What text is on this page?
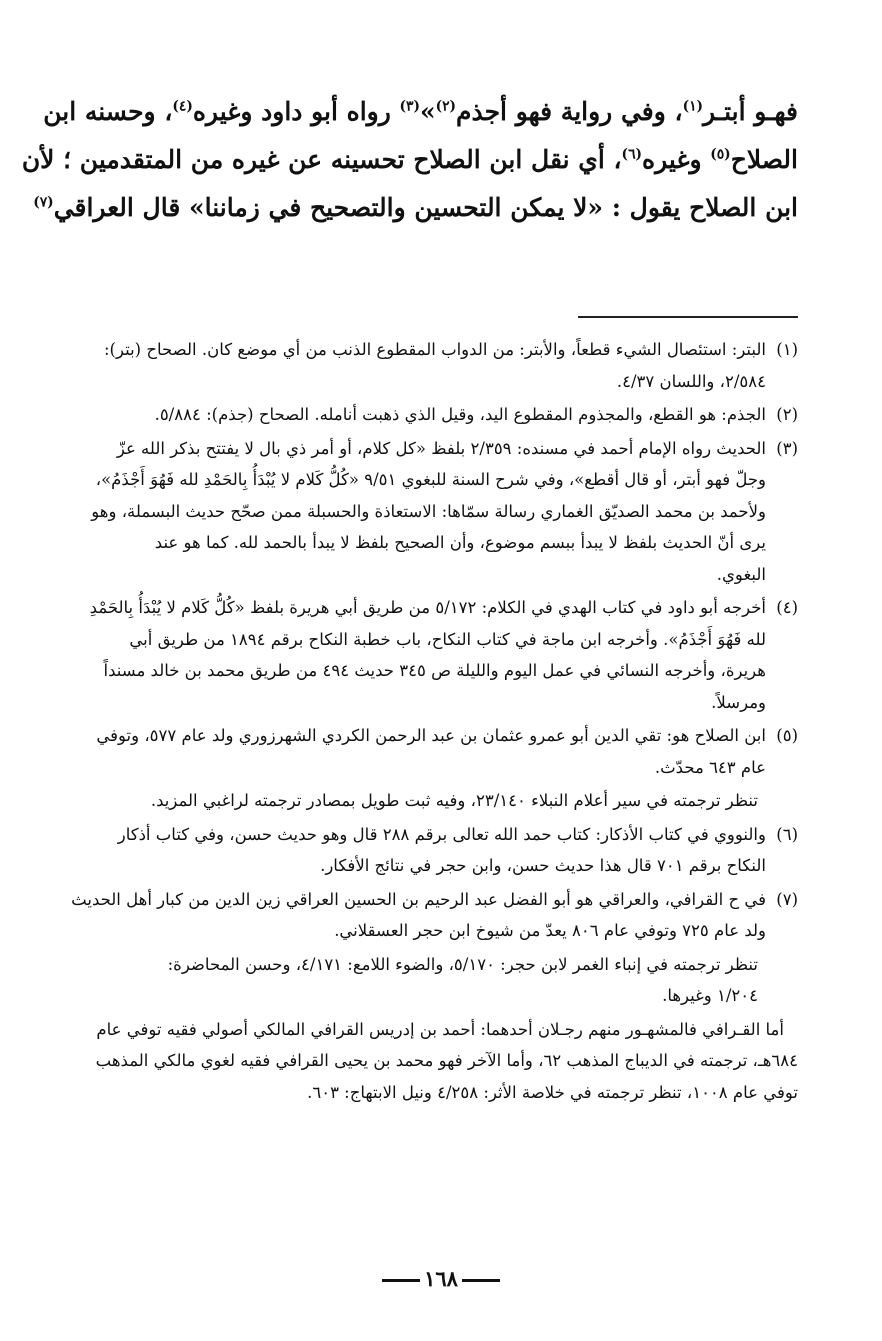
فهـو أبتـر$^{(١)}$، وفي رواية فهو أجذم$^{(٢)}$»$^{(٣)}$ رواه أبو داود وغيره$^{(٤)}$، وحسنه ابن
الصلاح$^{(٥)}$ وغيره$^{(٦)}$، أي نقل ابن الصلاح تحسينه عن غيره من المتقدمين ؛ لأن
ابن الصلاح يقول : «لا يمكن التحسين والتصحيح في زماننا» قال العراقي$^{(٧)}$

(١)
البتر: استئصال الشيء قطعاً، والأبتر: من الدواب المقطوع الذنب من أي موضع كان. الصحاح (بتر):
٢/٥٨٤، واللسان ٤/٣٧.
(٢)
الجذم: هو القطع، والمجذوم المقطوع اليد، وقيل الذي ذهبت أنامله. الصحاح (جذم): ٥/٨٨٤.
(٣)
الحديث رواه الإمام أحمد في مسنده: ٢/٣٥٩ بلفظ «كل كلام، أو أمر ذي بال لا يفتتح بذكر الله عزّ
وجلّ فهو أبتر، أو قال أقطع»، وفي شرح السنة للبغوي ٩/٥١ «كُلُّ كَلام لا يُبْدَأُ بِالحَمْدِ لله فَهُوَ أَجْذَمُ»،
ولأحمد بن محمد الصديّق الغماري رسالة سمّاها: الاستعاذة والحسبلة ممن صحّح حديث البسملة، وهو
يرى أنّ الحديث بلفظ لا يبدأ ببسم موضوع، وأن الصحيح بلفظ لا يبدأ بالحمد لله. كما هو عند
البغوي.
(٤)
أخرجه أبو داود في كتاب الهدي في الكلام: ٥/١٧٢ من طريق أبي هريرة بلفظ «كُلُّ كَلام لا يُبْدَأُ بِالحَمْدِ
لله فَهُوَ أَجْذَمُ». وأخرجه ابن ماجة في كتاب النكاح، باب خطبة النكاح برقم ١٨٩٤ من طريق أبي
هريرة، وأخرجه النسائي في عمل اليوم والليلة ص ٣٤٥ حديث ٤٩٤ من طريق محمد بن خالد مسنداً
ومرسلاً.
(٥)
ابن الصلاح هو: تقي الدين أبو عمرو عثمان بن عبد الرحمن الكردي الشهرزوري ولد عام ٥٧٧، وتوفي
عام ٦٤٣ محدّث.
تنظر ترجمته في سير أعلام النبلاء ٢٣/١٤٠، وفيه ثبت طويل بمصادر ترجمته لراغبي المزيد.
(٦)
والنووي في كتاب الأذكار: كتاب حمد الله تعالى برقم ٢٨٨ قال وهو حديث حسن، وفي كتاب أذكار
النكاح برقم ٧٠١ قال هذا حديث حسن، وابن حجر في نتائج الأفكار.
(٧)
في ح القرافي، والعراقي هو أبو الفضل عبد الرحيم بن الحسين العراقي زين الدين من كبار أهل الحديث
ولد عام ٧٢٥ وتوفي عام ٨٠٦ يعدّ من شيوخ ابن حجر العسقلاني.
تنظر ترجمته في إنباء الغمر لابن حجر: ٥/١٧٠، والضوء اللامع: ٤/١٧١، وحسن المحاضرة:
١/٢٠٤ وغيرها.
أما القـرافي فالمشهـور منهم رجـلان أحدهما: أحمد بن إدريس القرافي المالكي أصولي فقيه توفي عام
٦٨٤هـ، ترجمته في الديباج المذهب ٦٢، وأما الآخر فهو محمد بن يحيى القرافي فقيه لغوي مالكي المذهب
توفي عام ١٠٠٨، تنظر ترجمته في خلاصة الأثر: ٤/٢٥٨ ونيل الابتهاج: ٦٠٣.
١٦٨
